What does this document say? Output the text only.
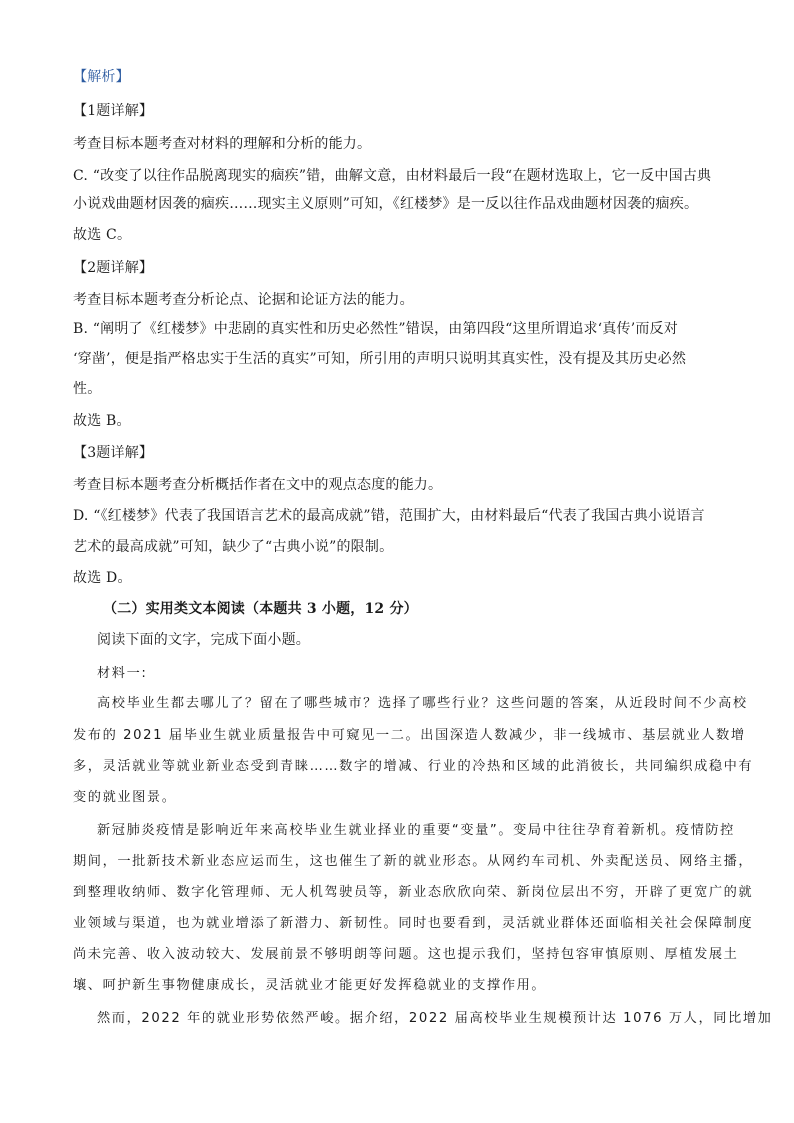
【解析】
【1题详解】
考查目标本题考查对材料的理解和分析的能力。
C. “改变了以往作品脱离现实的痼疾”错，曲解文意，由材料最后一段“在题材选取上，它一反中国古典
小说戏曲题材因袭的痼疾……现实主义原则”可知，《红楼梦》是一反以往作品戏曲题材因袭的痼疾。
故选 C。
【2题详解】
考查目标本题考查分析论点、论据和论证方法的能力。
B. “阐明了《红楼梦》中悲剧的真实性和历史必然性”错误，由第四段“这里所谓追求‘真传’而反对
‘穿凿’，便是指严格忠实于生活的真实”可知，所引用的声明只说明其真实性，没有提及其历史必然
性。
故选 B。
【3题详解】
考查目标本题考查分析概括作者在文中的观点态度的能力。
D. “《红楼梦》代表了我国语言艺术的最高成就”错，范围扩大，由材料最后“代表了我国古典小说语言
艺术的最高成就”可知，缺少了“古典小说”的限制。
故选 D。
（二）实用类文本阅读（本题共 3 小题，12 分）
阅读下面的文字，完成下面小题。
材料一:
高校毕业生都去哪儿了？留在了哪些城市？选择了哪些行业？这些问题的答案，从近段时间不少高校
发布的 2021 届毕业生就业质量报告中可窥见一二。出国深造人数减少，非一线城市、基层就业人数增
多，灵活就业等就业新业态受到青睐……数字的增减、行业的冷热和区域的此消彼长，共同编织成稳中有
变的就业图景。
新冠肺炎疫情是影响近年来高校毕业生就业择业的重要“变量”。变局中往往孕育着新机。疫情防控
期间，一批新技术新业态应运而生，这也催生了新的就业形态。从网约车司机、外卖配送员、网络主播，
到整理收纳师、数字化管理师、无人机驾驶员等，新业态欣欣向荣、新岗位层出不穷，开辟了更宽广的就
业领域与渠道，也为就业增添了新潜力、新韧性。同时也要看到，灵活就业群体还面临相关社会保障制度
尚未完善、收入波动较大、发展前景不够明朗等问题。这也提示我们，坚持包容审慎原则、厚植发展土
壤、呵护新生事物健康成长，灵活就业才能更好发挥稳就业的支撑作用。
然而，2022 年的就业形势依然严峻。据介绍，2022 届高校毕业生规模预计达 1076 万人，同比增加
